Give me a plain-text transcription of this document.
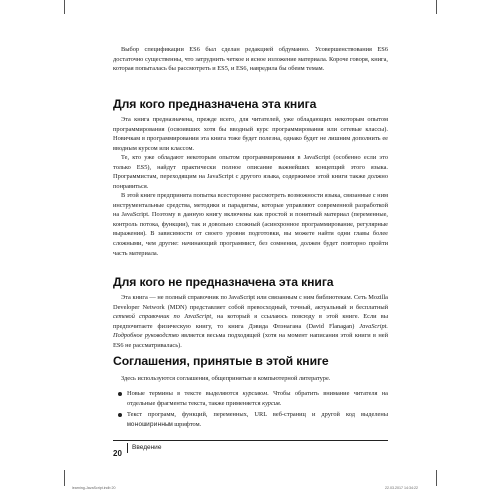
Выбор спецификации ES6 был сделан редакцией обдуманно. Усовершенствования ES6 достаточно существенны, что затруднить четкое и ясное изложение материала. Короче говоря, книга, которая попыталась бы рассмотреть и ES5, и ES6, навредила бы обеим темам.

Для кого предназначена эта книга

Эта книга предназначена, прежде всего, для читателей, уже обладающих некоторым опытом программирования (освоивших хотя бы вводный курс программирования или сетевые классы). Новичкам в программировании эта книга тоже будет полезна, однако будет не лишним дополнить ее вводным курсом или классом.

Те, кто уже обладают некоторым опытом программирования в JavaScript (особенно если это только ES5), найдут практически полное описание важнейших концепций этого языка. Программистам, переходящим на JavaScript с другого языка, содержимое этой книги также должно понравиться.

В этой книге предпринята попытка всесторонне рассмотреть возможности языка, связанные с ним инструментальные средства, методики и парадигмы, которые управляют современной разработкой на JavaScript. Поэтому в данную книгу включены как простой и понятный материал (переменные, контроль потока, функции), так и довольно сложный (асинхронное программирование, регулярные выражения). В зависимости от своего уровня подготовки, вы можете найти одни главы более сложными, чем другие: начинающий программист, без сомнения, должен будет повторно пройти часть материала.

Для кого не предназначена эта книга

Эта книга — не полный справочник по JavaScript или связанным с ним библиотекам. Сеть Mozilla Developer Network (MDN) представляет собой превосходный, точный, актуальный и бесплатный сетевой справочник по JavaScript, на который я ссылаюсь повсюду в этой книге. Если вы предпочитаете физическую книгу, то книга Дэвида Флэнагана (David Flanagan) JavaScript. Подробное руководство является весьма подходящей (хотя на момент написания этой книги в ней ES6 не рассматривалась).

Соглашения, принятые в этой книге

Здесь используются соглашения, общепринятые в компьютерной литературе.

Новые термины в тексте выделяются курсивом. Чтобы обратить внимание читателя на отдельные фрагменты текста, также применяется курсив.
Текст программ, функций, переменных, URL веб-страниц и другой код выделены моноширинным шрифтом.
20
Введение
learning-JavaScript.indb 20	22.03.2017 14:34:22
